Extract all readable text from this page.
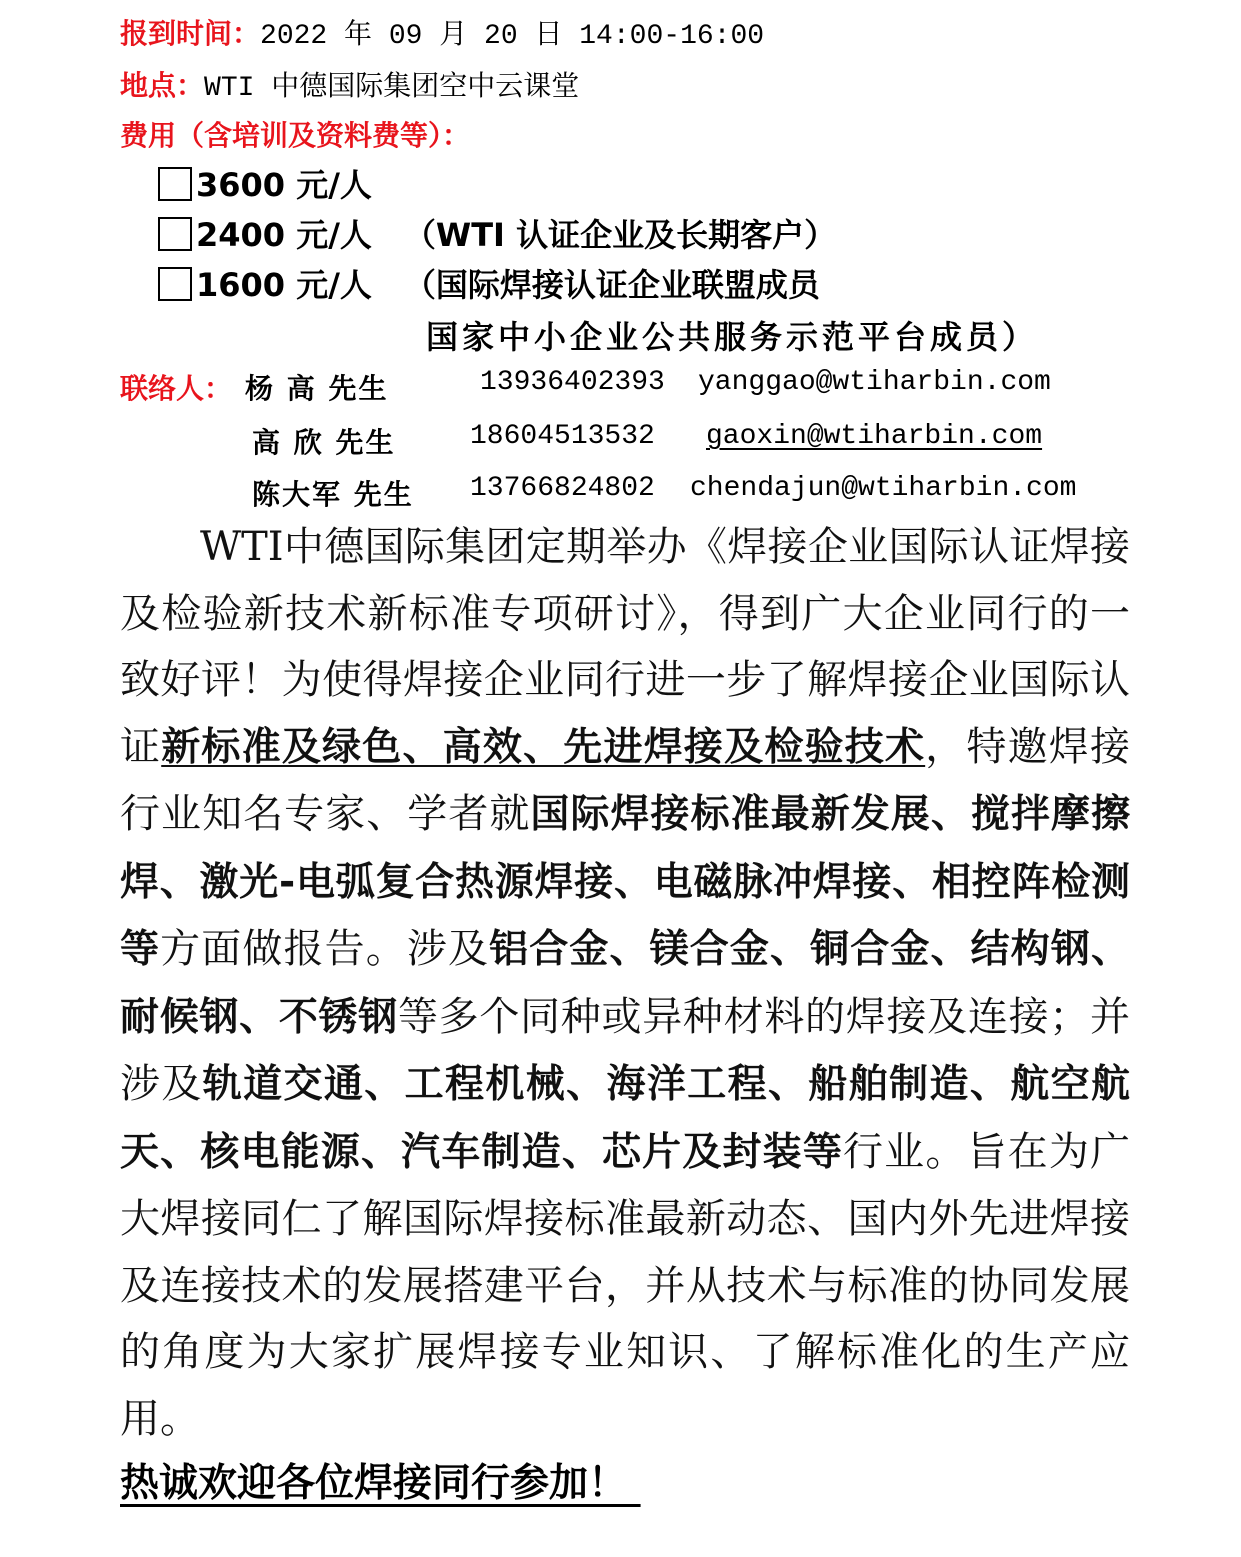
报到时间：2022 年 09 月 20 日 14:00-16:00
地点：WTI 中德国际集团空中云课堂
费用（含培训及资料费等）：
3600 元/人
2400 元/人 （WTI 认证企业及长期客户）
1600 元/人 （国际焊接认证企业联盟成员
国家中小企业公共服务示范平台成员）
联络人： 杨 高 先生	13936402393 yanggao@wtiharbin.com
高 欣 先生	18604513532 gaoxin@wtiharbin.com
陈大军 先生 13766824802 chendajun@wtiharbin.com
WTI中德国际集团定期举办《焊接企业国际认证焊接及检验新技术新标准专项研讨》，得到广大企业同行的一致好评！为使得焊接企业同行进一步了解焊接企业国际认证新标准及绿色、高效、先进焊接及检验技术，特邀焊接行业知名专家、学者就国际焊接标准最新发展、搅拌摩擦焊、激光-电弧复合热源焊接、电磁脉冲焊接、相控阵检测等方面做报告。涉及铝合金、镁合金、铜合金、结构钢、耐候钢、不锈钢等多个同种或异种材料的焊接及连接；并涉及轨道交通、工程机械、海洋工程、船舶制造、航空航天、核电能源、汽车制造、芯片及封装等行业。旨在为广大焊接同仁了解国际焊接标准最新动态、国内外先进焊接及连接技术的发展搭建平台，并从技术与标准的协同发展的角度为大家扩展焊接专业知识、了解标准化的生产应用。
热诚欢迎各位焊接同行参加！
